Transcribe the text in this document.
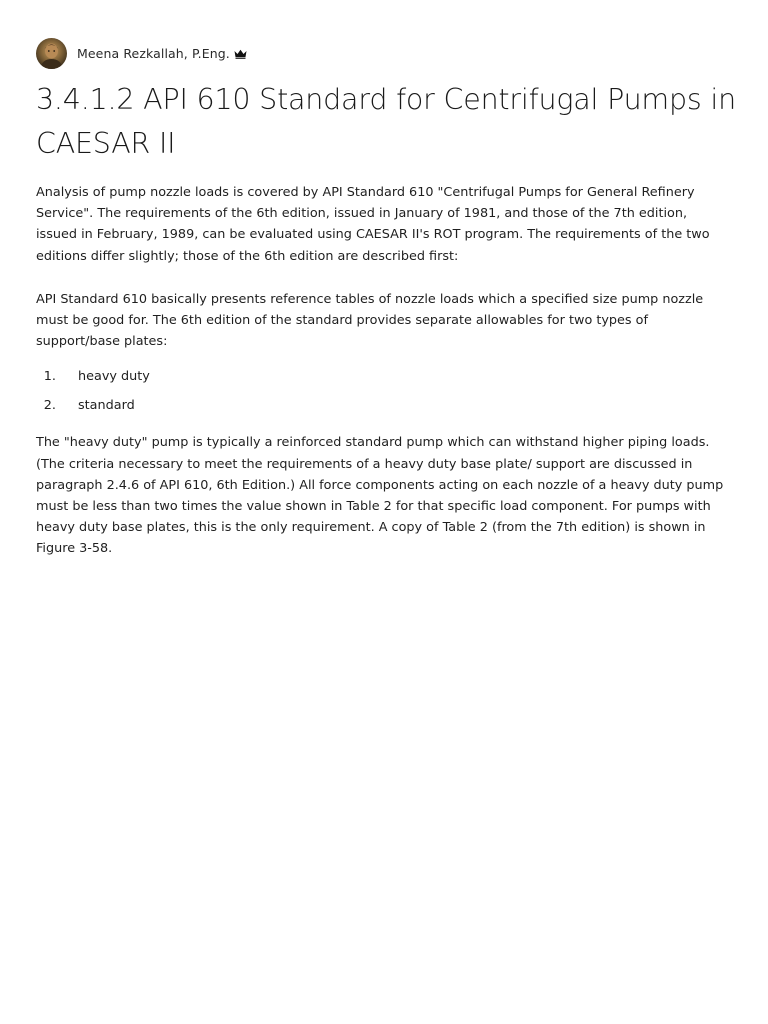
Meena Rezkallah, P.Eng.
3.4.1.2 API 610 Standard for Centrifugal Pumps in CAESAR II

Analysis of pump nozzle loads is covered by API Standard 610 "Centrifugal Pumps for General Refinery Service". The requirements of the 6th edition, issued in January of 1981, and those of the 7th edition, issued in February, 1989, can be evaluated using CAESAR II's ROT program. The requirements of the two editions differ slightly; those of the 6th edition are described first:

API Standard 610 basically presents reference tables of nozzle loads which a specified size pump nozzle must be good for. The 6th edition of the standard provides separate allowables for two types of support/base plates:

1. heavy duty
2. standard

The "heavy duty" pump is typically a reinforced standard pump which can withstand higher piping loads. (The criteria necessary to meet the requirements of a heavy duty base plate/ support are discussed in paragraph 2.4.6 of API 610, 6th Edition.) All force components acting on each nozzle of a heavy duty pump must be less than two times the value shown in Table 2 for that specific load component. For pumps with heavy duty base plates, this is the only requirement. A copy of Table 2 (from the 7th edition) is shown in Figure 3-58.
